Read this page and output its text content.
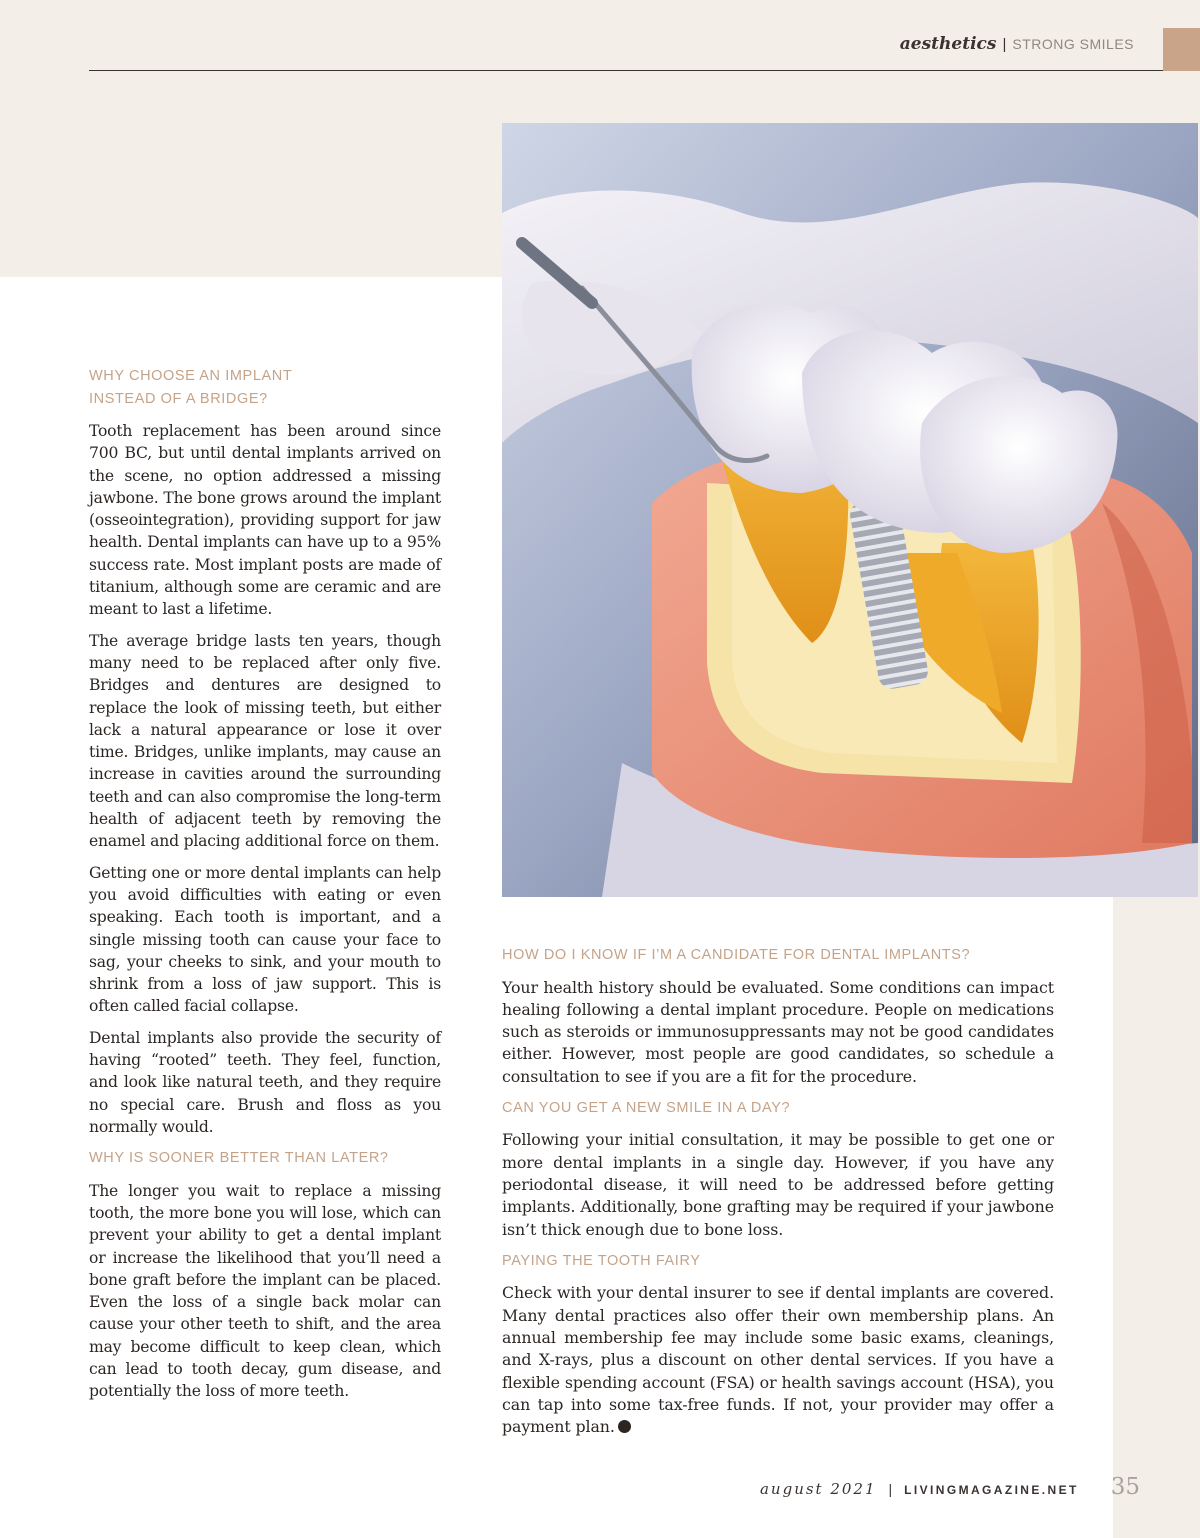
aesthetics | STRONG SMILES
WHY CHOOSE AN IMPLANT INSTEAD OF A BRIDGE?

Tooth replacement has been around since 700 BC, but until dental implants arrived on the scene, no option addressed a missing jawbone. The bone grows around the implant (osseointegration), providing support for jaw health. Dental implants can have up to a 95% success rate. Most implant posts are made of titanium, although some are ceramic and are meant to last a lifetime.

The average bridge lasts ten years, though many need to be replaced after only five. Bridges and dentures are designed to replace the look of missing teeth, but either lack a natural appearance or lose it over time. Bridges, unlike implants, may cause an increase in cavities around the surrounding teeth and can also compromise the long-term health of adjacent teeth by removing the enamel and placing additional force on them.

Getting one or more dental implants can help you avoid difficulties with eating or even speaking. Each tooth is important, and a single missing tooth can cause your face to sag, your cheeks to sink, and your mouth to shrink from a loss of jaw support. This is often called facial collapse.

Dental implants also provide the security of having “rooted” teeth. They feel, function, and look like natural teeth, and they require no special care. Brush and floss as you normally would.

WHY IS SOONER BETTER THAN LATER?

The longer you wait to replace a missing tooth, the more bone you will lose, which can prevent your ability to get a dental implant or increase the likelihood that you’ll need a bone graft before the implant can be placed. Even the loss of a single back molar can cause your other teeth to shift, and the area may become difficult to keep clean, which can lead to tooth decay, gum disease, and potentially the loss of more teeth.

HOW DO I KNOW IF I’M A CANDIDATE FOR DENTAL IMPLANTS?

Your health history should be evaluated. Some conditions can impact healing following a dental implant procedure. People on medications such as steroids or immunosuppressants may not be good candidates either. However, most people are good candidates, so schedule a consultation to see if you are a fit for the procedure.

CAN YOU GET A NEW SMILE IN A DAY?

Following your initial consultation, it may be possible to get one or more dental implants in a single day. However, if you have any periodontal disease, it will need to be addressed before getting implants. Additionally, bone grafting may be required if your jawbone isn’t thick enough due to bone loss.

PAYING THE TOOTH FAIRY

Check with your dental insurer to see if dental implants are covered. Many dental practices also offer their own membership plans. An annual membership fee may include some basic exams, cleanings, and X-rays, plus a discount on other dental services. If you have a flexible spending account (FSA) or health savings account (HSA), you can tap into some tax-free funds. If not, your provider may offer a payment plan.

august 2021 | LIVINGMAGAZINE.NET 35
